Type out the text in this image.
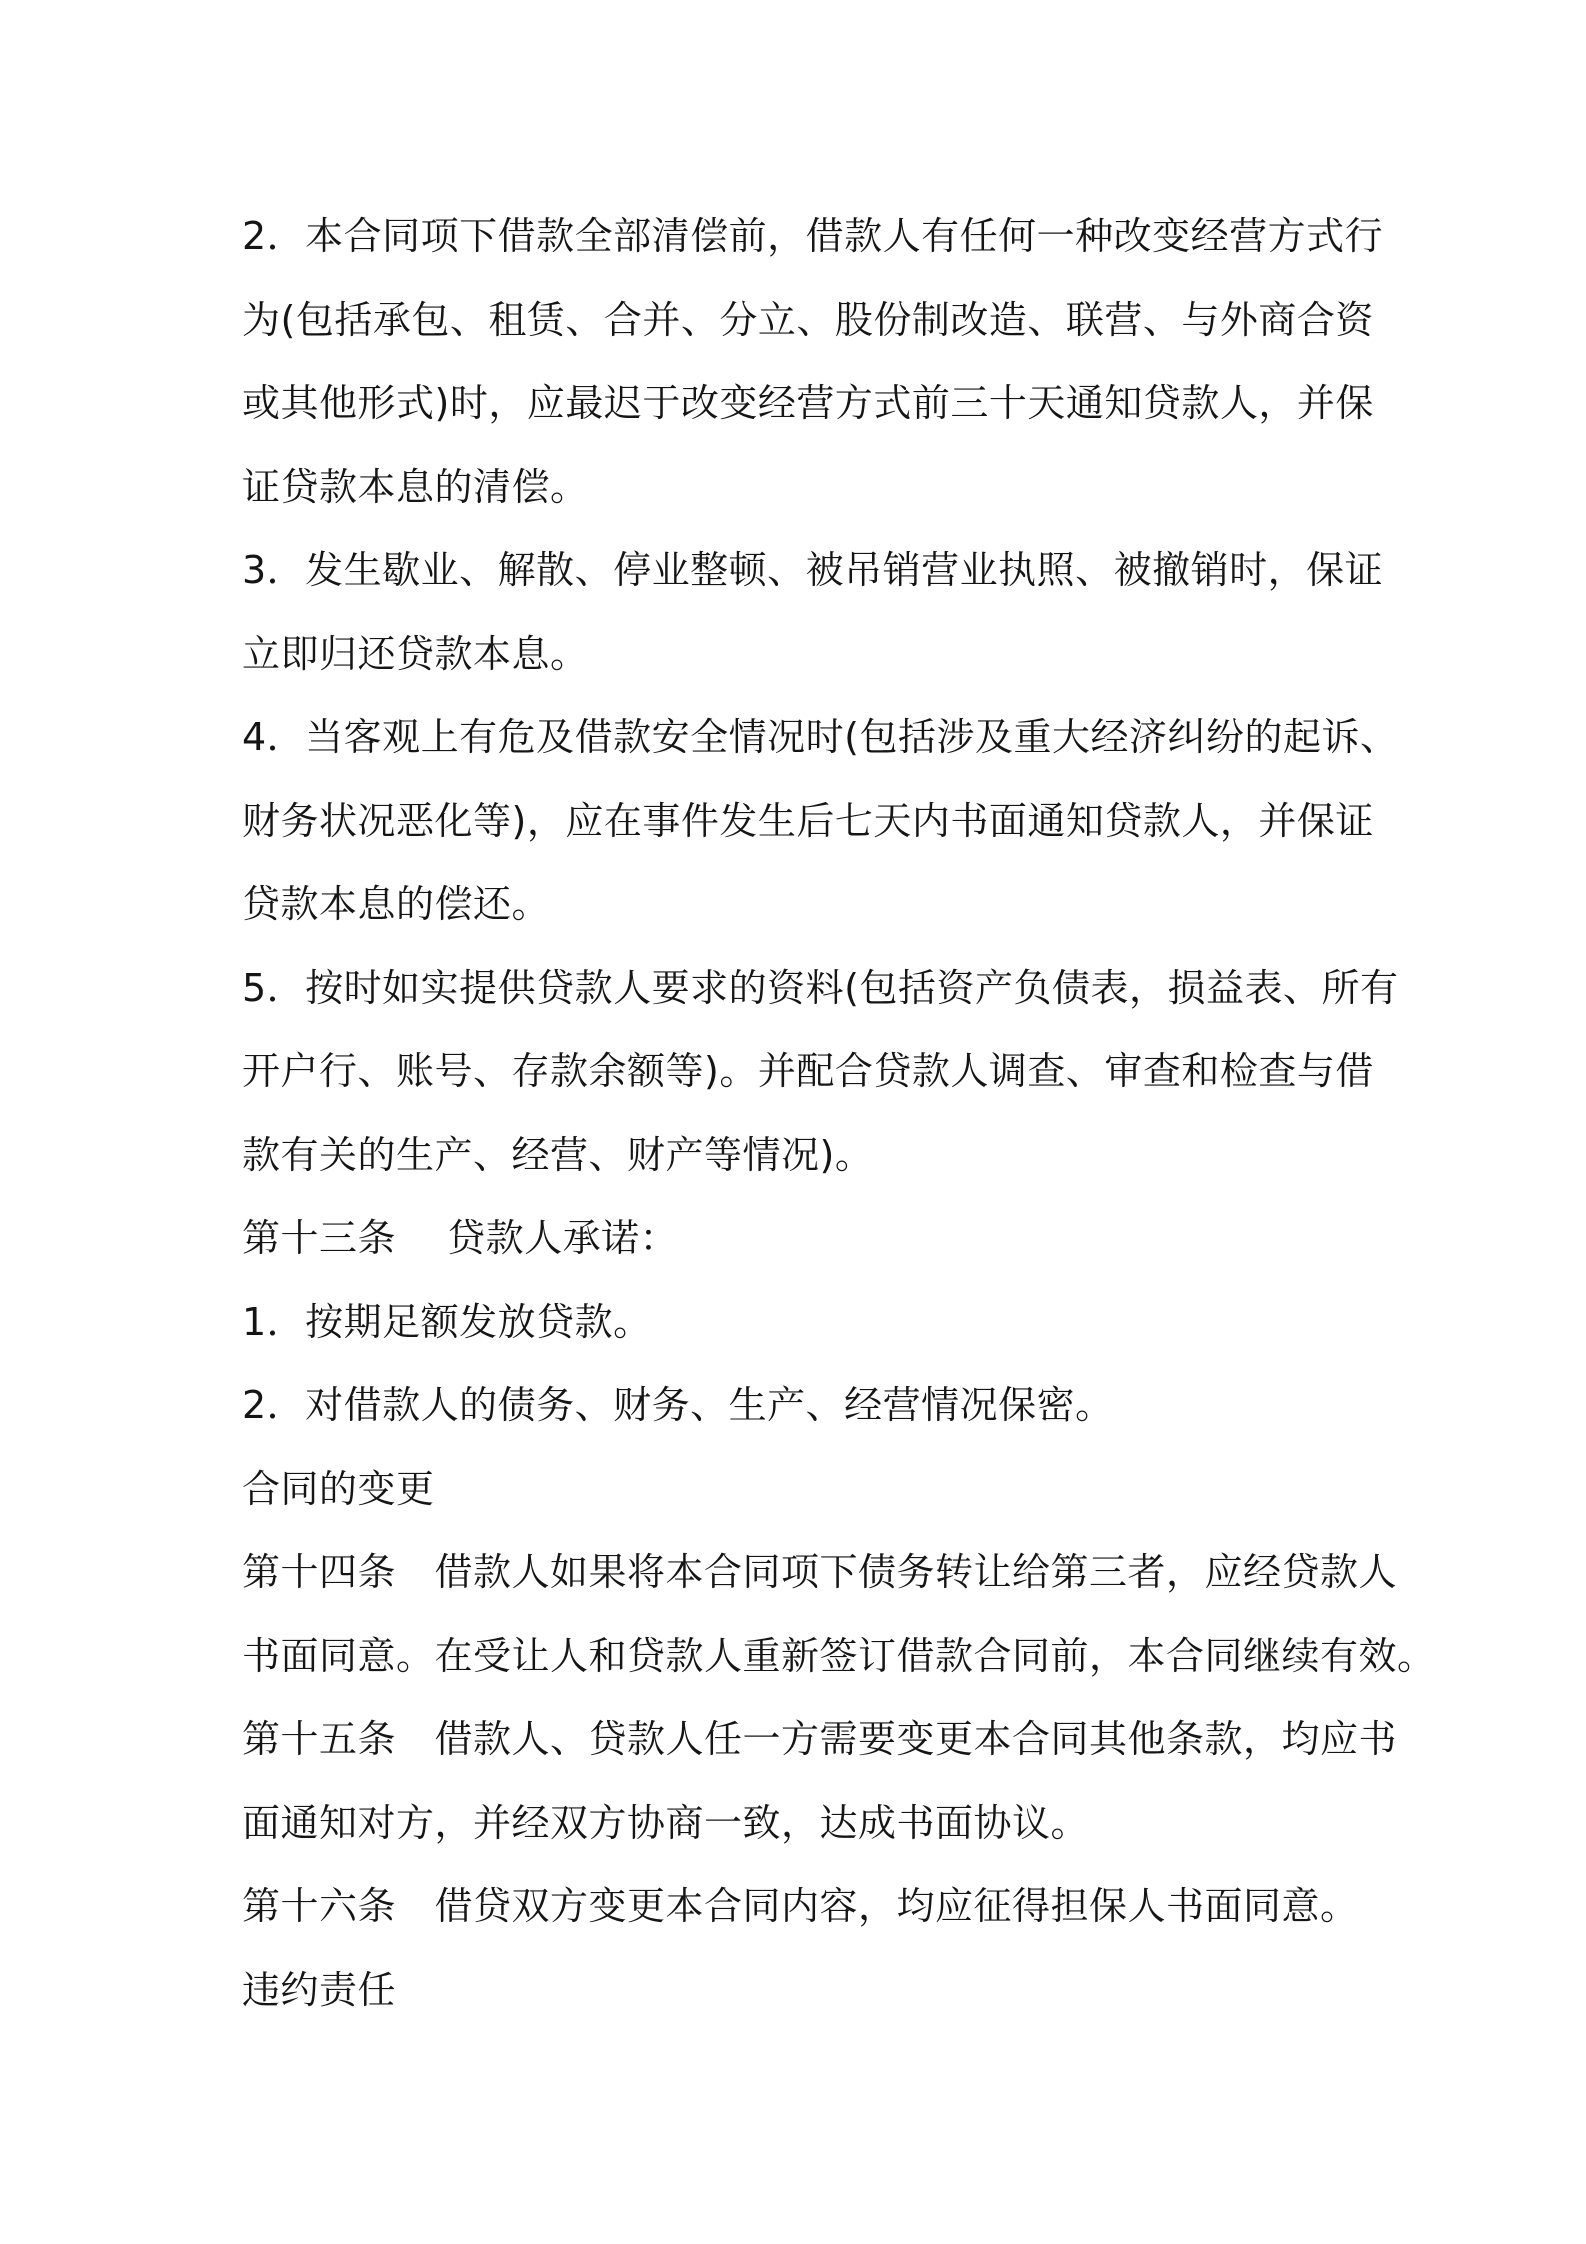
2．本合同项下借款全部清偿前，借款人有任何一种改变经营方式行
为(包括承包、租赁、合并、分立、股份制改造、联营、与外商合资
或其他形式)时，应最迟于改变经营方式前三十天通知贷款人，并保
证贷款本息的清偿。
3．发生歇业、解散、停业整顿、被吊销营业执照、被撤销时，保证
立即归还贷款本息。
4．当客观上有危及借款安全情况时(包括涉及重大经济纠纷的起诉、
财务状况恶化等)，应在事件发生后七天内书面通知贷款人，并保证
贷款本息的偿还。
5．按时如实提供贷款人要求的资料(包括资产负债表，损益表、所有
开户行、账号、存款余额等)。并配合贷款人调查、审查和检查与借
款有关的生产、经营、财产等情况)。
第十三条　 贷款人承诺：
1．按期足额发放贷款。
2．对借款人的债务、财务、生产、经营情况保密。
合同的变更
第十四条　借款人如果将本合同项下债务转让给第三者，应经贷款人
书面同意。在受让人和贷款人重新签订借款合同前，本合同继续有效。
第十五条　借款人、贷款人任一方需要变更本合同其他条款，均应书
面通知对方，并经双方协商一致，达成书面协议。
第十六条　借贷双方变更本合同内容，均应征得担保人书面同意。
违约责任
